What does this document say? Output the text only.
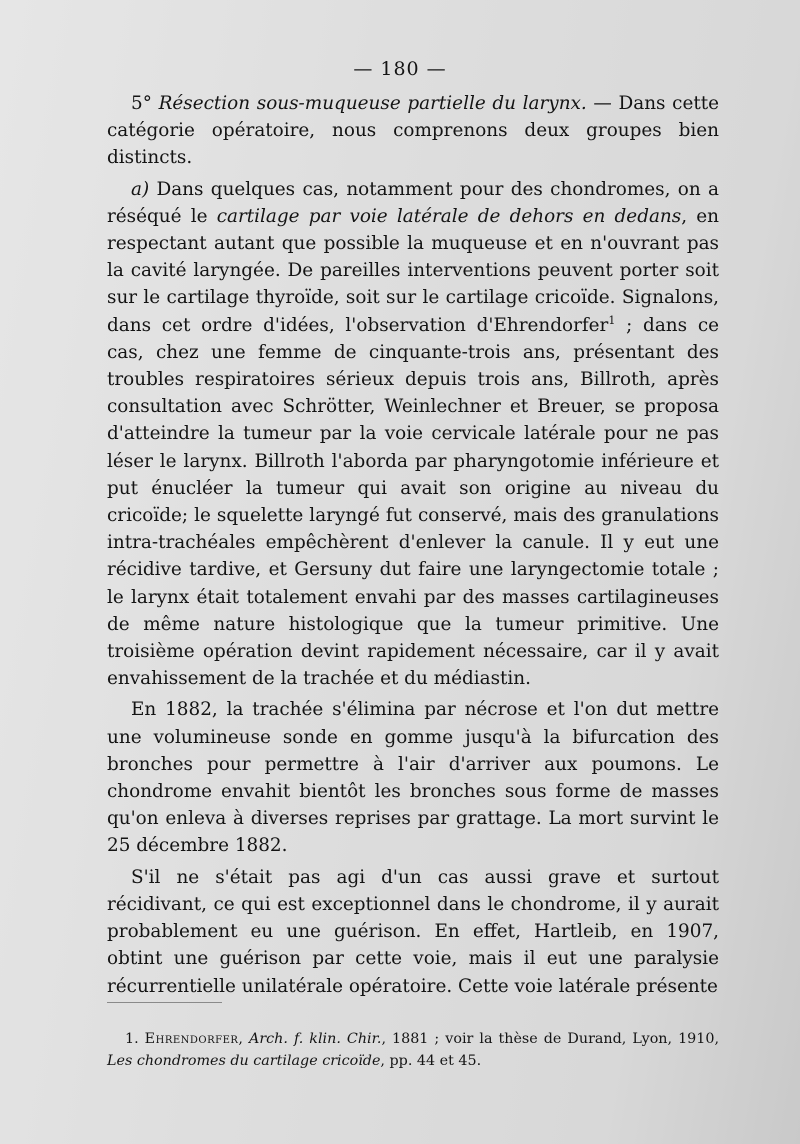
— 180 —

5° Résection sous-muqueuse partielle du larynx. — Dans cette catégorie opératoire, nous comprenons deux groupes bien distincts.

a) Dans quelques cas, notamment pour des chondromes, on a réséqué le cartilage par voie latérale de dehors en dedans, en respectant autant que possible la muqueuse et en n'ouvrant pas la cavité laryngée. De pareilles interventions peuvent porter soit sur le cartilage thyroïde, soit sur le cartilage cricoïde. Signalons, dans cet ordre d'idées, l'observation d'Ehrendorfer$^1$ ; dans ce cas, chez une femme de cinquante-trois ans, présentant des troubles respiratoires sérieux depuis trois ans, Billroth, après consultation avec Schrötter, Weinlechner et Breuer, se proposa d'atteindre la tumeur par la voie cervicale latérale pour ne pas léser le larynx. Billroth l'aborda par pharyngotomie inférieure et put énucléer la tumeur qui avait son origine au niveau du cricoïde; le squelette laryngé fut conservé, mais des granulations intra-trachéales empêchèrent d'enlever la canule. Il y eut une récidive tardive, et Gersuny dut faire une laryngectomie totale ; le larynx était totalement envahi par des masses cartilagineuses de même nature histologique que la tumeur primitive. Une troisième opération devint rapidement nécessaire, car il y avait envahissement de la trachée et du médiastin.

En 1882, la trachée s'élimina par nécrose et l'on dut mettre une volumineuse sonde en gomme jusqu'à la bifurcation des bronches pour permettre à l'air d'arriver aux poumons. Le chondrome envahit bientôt les bronches sous forme de masses qu'on enleva à diverses reprises par grattage. La mort survint le 25 décembre 1882.

S'il ne s'était pas agi d'un cas aussi grave et surtout récidivant, ce qui est exceptionnel dans le chondrome, il y aurait probablement eu une guérison. En effet, Hartleib, en 1907, obtint une guérison par cette voie, mais il eut une paralysie récurrentielle unilatérale opératoire. Cette voie latérale présente

1. Ehrendorfer, Arch. f. klin. Chir., 1881 ; voir la thèse de Durand, Lyon, 1910, Les chondromes du cartilage cricoïde, pp. 44 et 45.
